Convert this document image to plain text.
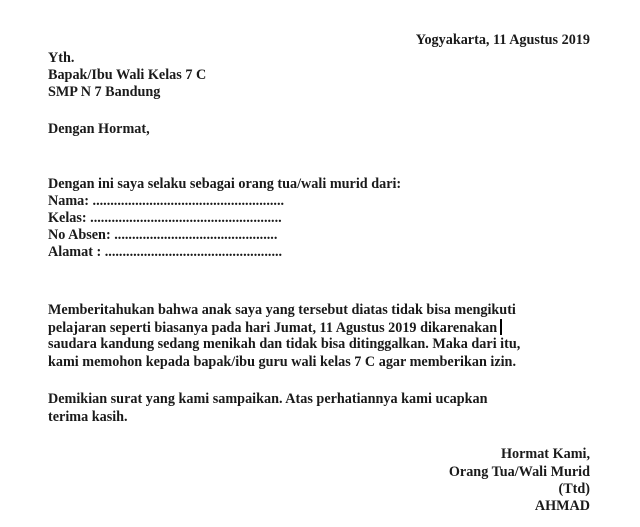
Yogyakarta, 11 Agustus 2019
Yth.
Bapak/Ibu Wali Kelas 7 C
SMP N 7 Bandung
Dengan Hormat,
Dengan ini saya selaku sebagai orang tua/wali murid dari:
Nama: ......................................................
Kelas: ......................................................
No Absen: ..............................................
Alamat : ..................................................
Memberitahukan bahwa anak saya yang tersebut diatas tidak bisa mengikuti
pelajaran seperti biasanya pada hari Jumat, 11 Agustus 2019 dikarenakan
saudara kandung sedang menikah dan tidak bisa ditinggalkan. Maka dari itu,
kami memohon kepada bapak/ibu guru wali kelas 7 C agar memberikan izin.
Demikian surat yang kami sampaikan. Atas perhatiannya kami ucapkan
terima kasih.
Hormat Kami,
Orang Tua/Wali Murid
(Ttd)
AHMAD
